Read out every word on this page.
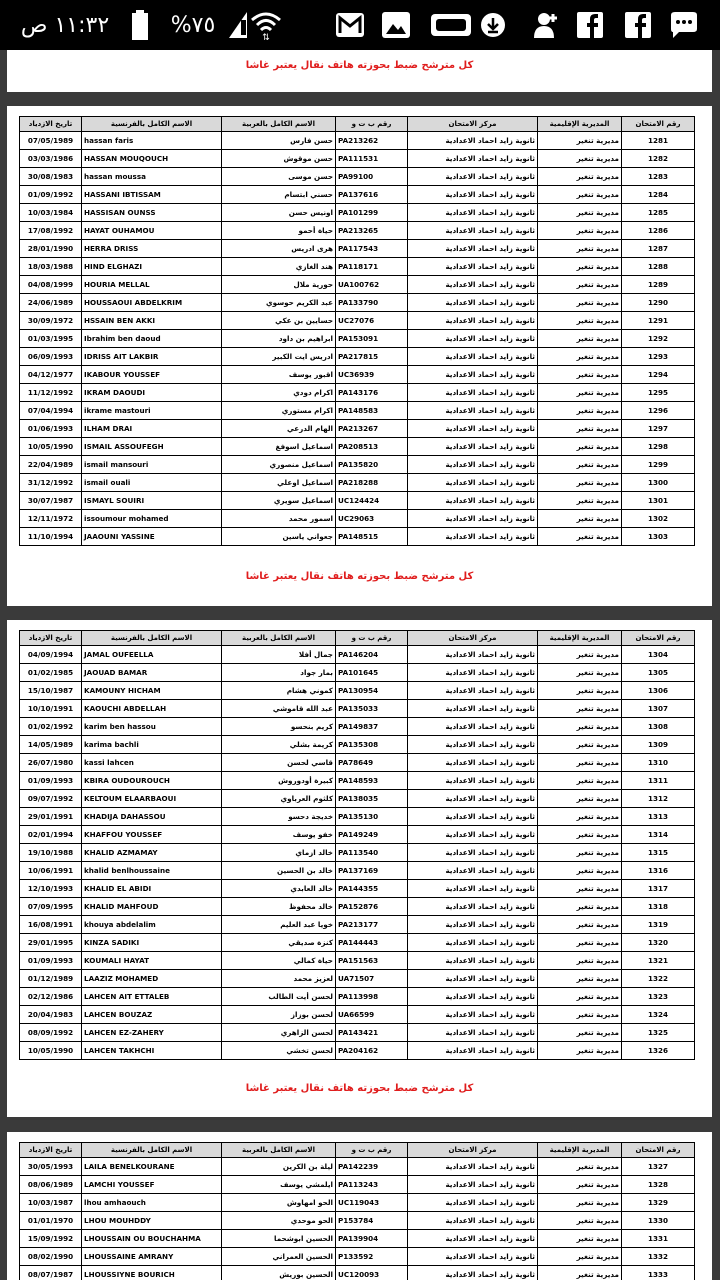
١١:٣٢ ص	%٧٥
⇅
كل مترشح ضبط بحوزته هاتف نقال يعتبر غاشا
تاريخ الازدياد	الاسم الكامل بالفرنسية	الاسم الكامل بالعربية	رقم ب ت و	مركز الامتحان	المديرية الإقليمية	رقم الامتحان
07/05/1989	hassan faris	حسن فارس	PA213262	ثانوية زايد احماد الاعدادية	مديرية تنغير	1281
03/03/1986	HASSAN MOUQOUCH	حسن موقوش	PA111531	ثانوية زايد احماد الاعدادية	مديرية تنغير	1282
30/08/1983	hassan moussa	حسن موسى	PA99100	ثانوية زايد احماد الاعدادية	مديرية تنغير	1283
01/09/1992	HASSANI IBTISSAM	حسني ابتسام	PA137616	ثانوية زايد احماد الاعدادية	مديرية تنغير	1284
10/03/1984	HASSISAN OUNSS	اونيس حسن	PA101299	ثانوية زايد احماد الاعدادية	مديرية تنغير	1285
17/08/1992	HAYAT OUHAMOU	حياة أحمو	PA213265	ثانوية زايد احماد الاعدادية	مديرية تنغير	1286
28/01/1990	HERRA DRISS	هرى ادريس	PA117543	ثانوية زايد احماد الاعدادية	مديرية تنغير	1287
18/03/1988	HIND ELGHAZI	هند الغازي	PA118171	ثانوية زايد احماد الاعدادية	مديرية تنغير	1288
04/08/1999	HOURIA MELLAL	حورية ملال	UA100762	ثانوية زايد احماد الاعدادية	مديرية تنغير	1289
24/06/1989	HOUSSAOUI ABDELKRIM	عبد الكريم حوسوي	PA133790	ثانوية زايد احماد الاعدادية	مديرية تنغير	1290
30/09/1972	HSSAIN BEN AKKI	حسايين بن عكي	UC27076	ثانوية زايد احماد الاعدادية	مديرية تنغير	1291
01/03/1995	Ibrahim ben daoud	ابراهيم بن داود	PA153091	ثانوية زايد احماد الاعدادية	مديرية تنغير	1292
06/09/1993	IDRISS AIT LAKBIR	ادريس ايت الكبير	PA217815	ثانوية زايد احماد الاعدادية	مديرية تنغير	1293
04/12/1977	IKABOUR YOUSSEF	اقبور يوسف	UC36939	ثانوية زايد احماد الاعدادية	مديرية تنغير	1294
11/12/1992	IKRAM DAOUDI	اكرام دودي	PA143176	ثانوية زايد احماد الاعدادية	مديرية تنغير	1295
07/04/1994	ikrame mastouri	اكرام مستوري	PA148583	ثانوية زايد احماد الاعدادية	مديرية تنغير	1296
01/06/1993	ILHAM DRAI	الهام الدرعي	PA213267	ثانوية زايد احماد الاعدادية	مديرية تنغير	1297
10/05/1990	ISMAIL ASSOUFEGH	اسماعيل اسوفغ	PA208513	ثانوية زايد احماد الاعدادية	مديرية تنغير	1298
22/04/1989	ismail mansouri	اسماعيل منصوري	PA135820	ثانوية زايد احماد الاعدادية	مديرية تنغير	1299
31/12/1992	ismail ouali	اسماعيل اوعلي	PA218288	ثانوية زايد احماد الاعدادية	مديرية تنغير	1300
30/07/1987	ISMAYL SOUIRI	اسماعيل سويري	UC124424	ثانوية زايد احماد الاعدادية	مديرية تنغير	1301
12/11/1972	issoumour mohamed	اسمور محمد	UC29063	ثانوية زايد احماد الاعدادية	مديرية تنغير	1302
11/10/1994	JAAOUNI YASSINE	جعواني ياسين	PA148515	ثانوية زايد احماد الاعدادية	مديرية تنغير	1303
كل مترشح ضبط بحوزته هاتف نقال يعتبر غاشا
تاريخ الازدياد	الاسم الكامل بالفرنسية	الاسم الكامل بالعربية	رقم ب ت و	مركز الامتحان	المديرية الإقليمية	رقم الامتحان
04/09/1994	JAMAL OUFEELLA	جمال أفلا	PA146204	ثانوية زايد احماد الاعدادية	مديرية تنغير	1304
01/02/1985	JAOUAD BAMAR	بمار جواد	PA101645	ثانوية زايد احماد الاعدادية	مديرية تنغير	1305
15/10/1987	KAMOUNY HICHAM	كموني هشام	PA130954	ثانوية زايد احماد الاعدادية	مديرية تنغير	1306
10/10/1991	KAOUCHI ABDELLAH	عبد الله قاموشي	PA135033	ثانوية زايد احماد الاعدادية	مديرية تنغير	1307
01/02/1992	karim ben hassou	كريم بنحسو	PA149837	ثانوية زايد احماد الاعدادية	مديرية تنغير	1308
14/05/1989	karima bachli	كريمة بشلي	PA135308	ثانوية زايد احماد الاعدادية	مديرية تنغير	1309
26/07/1980	kassi lahcen	قاسي لحسن	PA78649	ثانوية زايد احماد الاعدادية	مديرية تنغير	1310
01/09/1993	KBIRA OUDOUROUCH	كبيرة أودوروش	PA148593	ثانوية زايد احماد الاعدادية	مديرية تنغير	1311
09/07/1992	KELTOUM ELAARBAOUI	كلثوم العرباوي	PA138035	ثانوية زايد احماد الاعدادية	مديرية تنغير	1312
29/01/1991	KHADIJA DAHASSOU	خديجة دحسو	PA135130	ثانوية زايد احماد الاعدادية	مديرية تنغير	1313
02/01/1994	KHAFFOU YOUSSEF	خفو يوسف	PA149249	ثانوية زايد احماد الاعدادية	مديرية تنغير	1314
19/10/1988	KHALID AZMAMAY	خالد ازماي	PA113540	ثانوية زايد احماد الاعدادية	مديرية تنغير	1315
10/06/1991	khalid benlhoussaine	خالد بن الحسين	PA137169	ثانوية زايد احماد الاعدادية	مديرية تنغير	1316
12/10/1993	KHALID EL ABIDI	خالد العابدي	PA144355	ثانوية زايد احماد الاعدادية	مديرية تنغير	1317
07/09/1995	KHALID MAHFOUD	خالد محفوظ	PA152876	ثانوية زايد احماد الاعدادية	مديرية تنغير	1318
16/08/1991	khouya abdelalim	خويا عبد العليم	PA213177	ثانوية زايد احماد الاعدادية	مديرية تنغير	1319
29/01/1995	KINZA SADIKI	كنزة صديقي	PA144443	ثانوية زايد احماد الاعدادية	مديرية تنغير	1320
01/09/1993	KOUMALI HAYAT	حياة كمالي	PA151563	ثانوية زايد احماد الاعدادية	مديرية تنغير	1321
01/12/1989	LAAZIZ MOHAMED	لعزيز محمد	UA71507	ثانوية زايد احماد الاعدادية	مديرية تنغير	1322
02/12/1986	LAHCEN AIT ETTALEB	لحسن أيت الطالب	PA113998	ثانوية زايد احماد الاعدادية	مديرية تنغير	1323
20/04/1983	LAHCEN BOUZAZ	لحسن بوزاز	UA66599	ثانوية زايد احماد الاعدادية	مديرية تنغير	1324
08/09/1992	LAHCEN EZ-ZAHERY	لحسن الزاهري	PA143421	ثانوية زايد احماد الاعدادية	مديرية تنغير	1325
10/05/1990	LAHCEN TAKHCHI	لحسن تخشي	PA204162	ثانوية زايد احماد الاعدادية	مديرية تنغير	1326
كل مترشح ضبط بحوزته هاتف نقال يعتبر غاشا
تاريخ الازدياد	الاسم الكامل بالفرنسية	الاسم الكامل بالعربية	رقم ب ت و	مركز الامتحان	المديرية الإقليمية	رقم الامتحان
30/05/1993	LAILA BENELKOURANE	ليلة بن الكرين	PA142239	ثانوية زايد احماد الاعدادية	مديرية تنغير	1327
08/06/1989	LAMCHI YOUSSEF	ايلمشي يوسف	PA113243	ثانوية زايد احماد الاعدادية	مديرية تنغير	1328
10/03/1987	lhou amhaouch	الحو امهاوش	UC119043	ثانوية زايد احماد الاعدادية	مديرية تنغير	1329
01/01/1970	LHOU MOUHDDY	الحو موحدي	P153784	ثانوية زايد احماد الاعدادية	مديرية تنغير	1330
15/09/1992	LHOUSSAIN OU BOUCHAHMA	الحسين ابوشحما	PA139904	ثانوية زايد احماد الاعدادية	مديرية تنغير	1331
08/02/1990	LHOUSSAINE AMRANY	الحسين العمراني	P133592	ثانوية زايد احماد الاعدادية	مديرية تنغير	1332
08/07/1987	LHOUSSIYNE BOURICH	الحسين بوريش	UC120093	ثانوية زايد احماد الاعدادية	مديرية تنغير	1333
